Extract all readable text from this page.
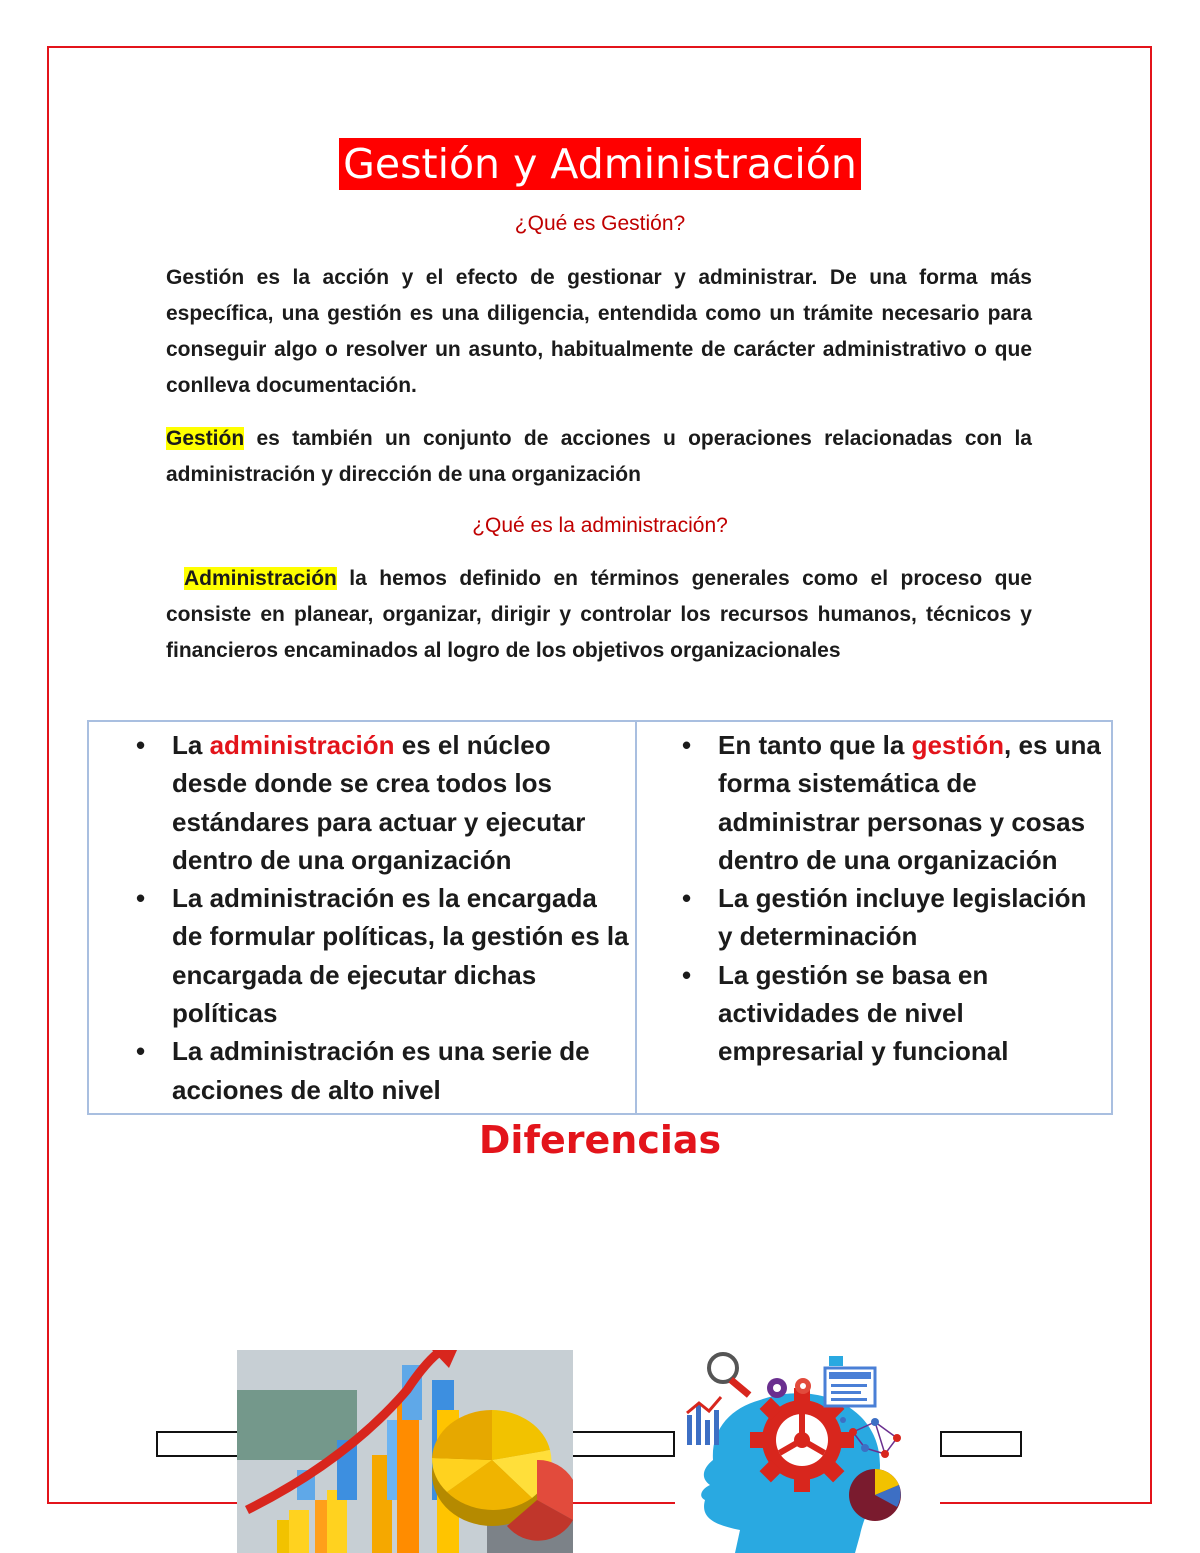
Gestión y Administración
¿Qué es Gestión?
Gestión es la acción y el efecto de gestionar y administrar. De una forma más específica, una gestión es una diligencia, entendida como un trámite necesario para conseguir algo o resolver un asunto, habitualmente de carácter administrativo o que conlleva documentación.
Gestión es también un conjunto de acciones u operaciones relacionadas con la administración y dirección de una organización
¿Qué es la administración?
Administración la hemos definido en términos generales como el proceso que consiste en planear, organizar, dirigir y controlar los recursos humanos, técnicos y financieros encaminados al logro de los objetivos organizacionales
• La administración es el núcleo desde donde se crea todos los estándares para actuar y ejecutar dentro de una organización
• La administración es la encargada de formular políticas, la gestión es la encargada de ejecutar dichas políticas
• La administración es una serie de acciones de alto nivel
• En tanto que la gestión, es una forma sistemática de administrar personas y cosas dentro de una organización
• La gestión incluye legislación y determinación
• La gestión se basa en actividades de nivel empresarial y funcional
Diferencias
